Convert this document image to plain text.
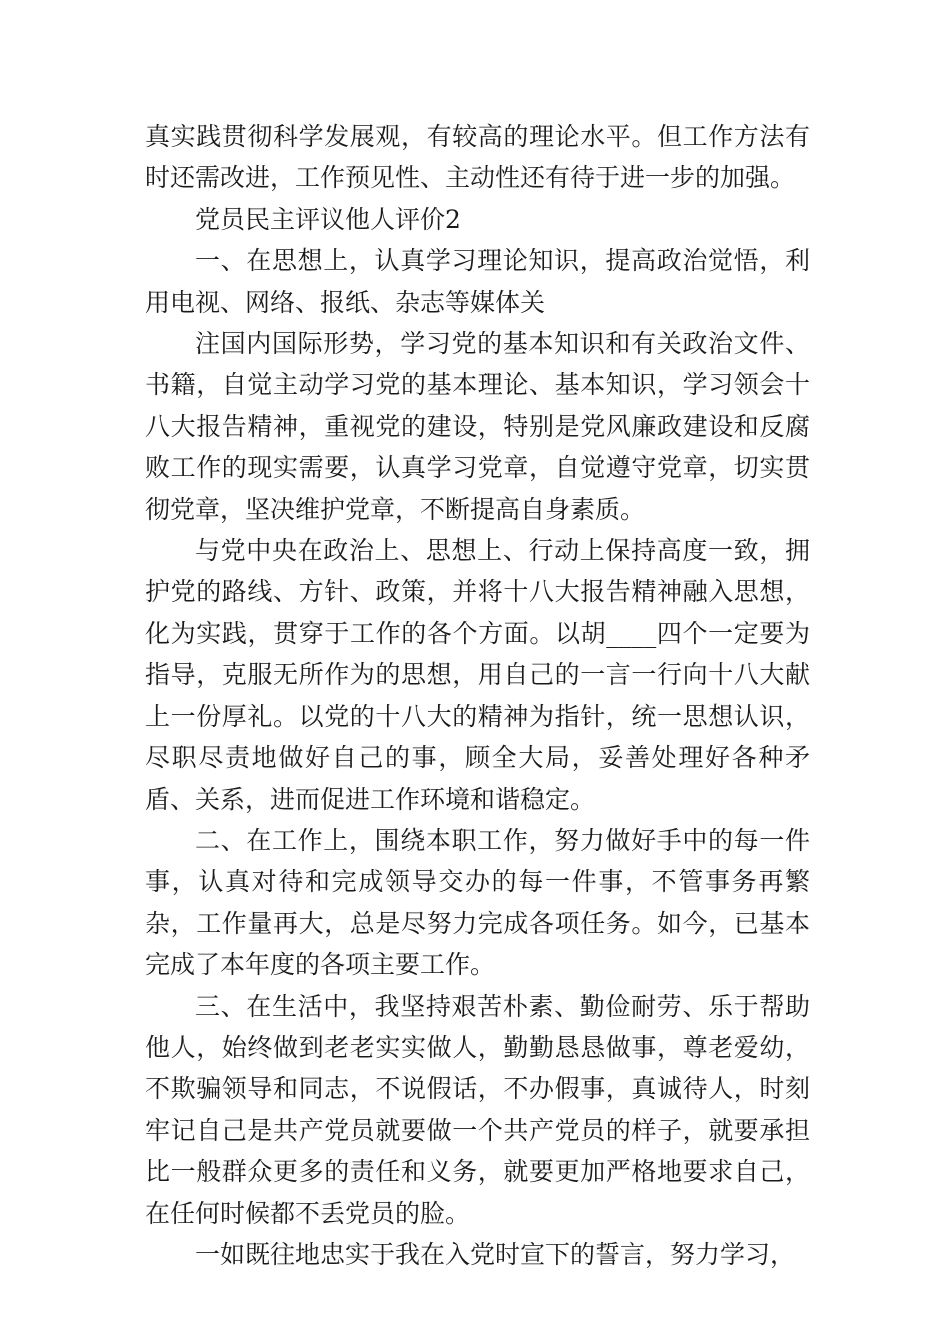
真实践贯彻科学发展观，有较高的理论水平。但工作方法有时还需改进，工作预见性、主动性还有待于进一步的加强。

党员民主评议他人评价2

一、在思想上，认真学习理论知识，提高政治觉悟，利用电视、网络、报纸、杂志等媒体关

注国内国际形势，学习党的基本知识和有关政治文件、书籍，自觉主动学习党的基本理论、基本知识，学习领会十八大报告精神，重视党的建设，特别是党风廉政建设和反腐败工作的现实需要，认真学习党章，自觉遵守党章，切实贯彻党章，坚决维护党章，不断提高自身素质。

与党中央在政治上、思想上、行动上保持高度一致，拥护党的路线、方针、政策，并将十八大报告精神融入思想，化为实践，贯穿于工作的各个方面。以胡____四个一定要为指导，克服无所作为的思想，用自己的一言一行向十八大献上一份厚礼。以党的十八大的精神为指针，统一思想认识，尽职尽责地做好自己的事，顾全大局，妥善处理好各种矛盾、关系，进而促进工作环境和谐稳定。

二、在工作上，围绕本职工作，努力做好手中的每一件事，认真对待和完成领导交办的每一件事，不管事务再繁杂，工作量再大，总是尽努力完成各项任务。如今，已基本完成了本年度的各项主要工作。

三、在生活中，我坚持艰苦朴素、勤俭耐劳、乐于帮助他人，始终做到老老实实做人，勤勤恳恳做事，尊老爱幼，不欺骗领导和同志，不说假话，不办假事，真诚待人，时刻牢记自己是共产党员就要做一个共产党员的样子，就要承担比一般群众更多的责任和义务，就要更加严格地要求自己，在任何时候都不丢党员的脸。

一如既往地忠实于我在入党时宣下的誓言，努力学习，
